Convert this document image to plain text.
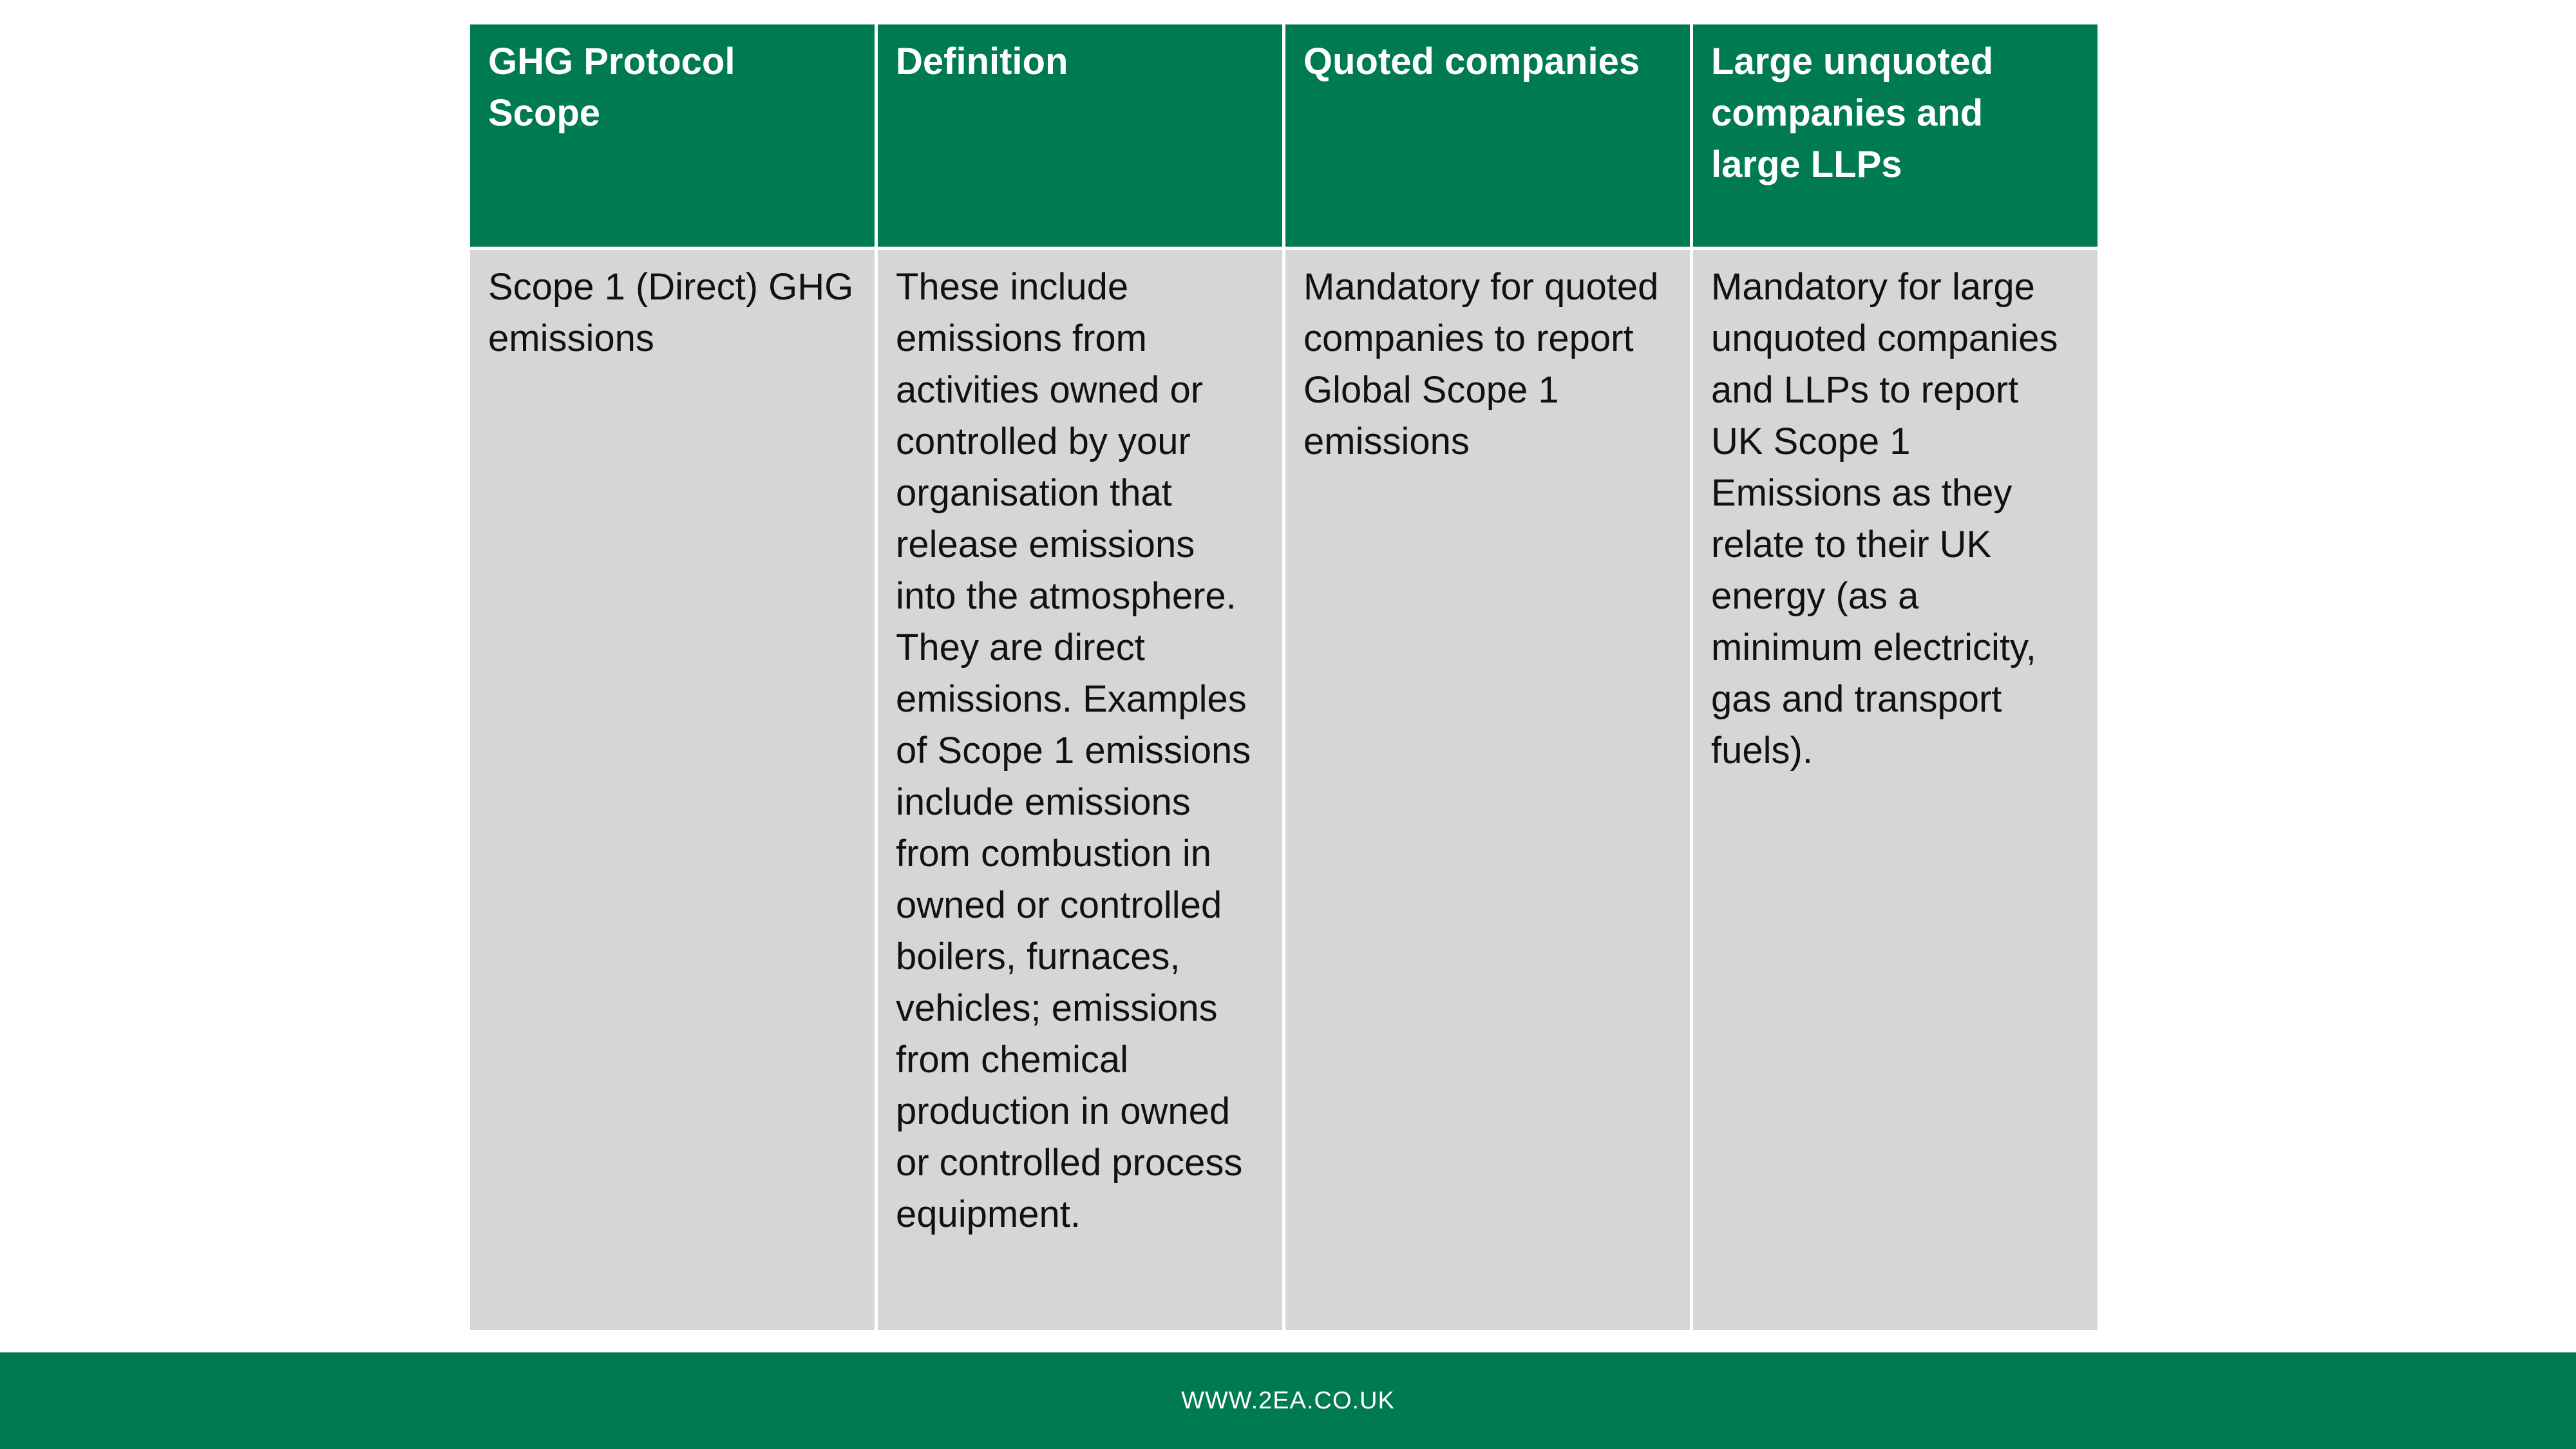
GHG Protocol Scope	Definition	Quoted companies	Large unquoted companies and large LLPs
Scope 1 (Direct) GHG emissions	These include emissions from activities owned or controlled by your organisation that release emissions into the atmosphere. They are direct emissions. Examples of Scope 1 emissions include emissions from combustion in owned or controlled boilers, furnaces, vehicles; emissions from chemical production in owned or controlled process equipment.	Mandatory for quoted companies to report Global Scope 1 emissions	Mandatory for large unquoted companies and LLPs to report UK Scope 1 Emissions as they relate to their UK energy (as a minimum electricity, gas and transport fuels).
WWW.2EA.CO.UK
